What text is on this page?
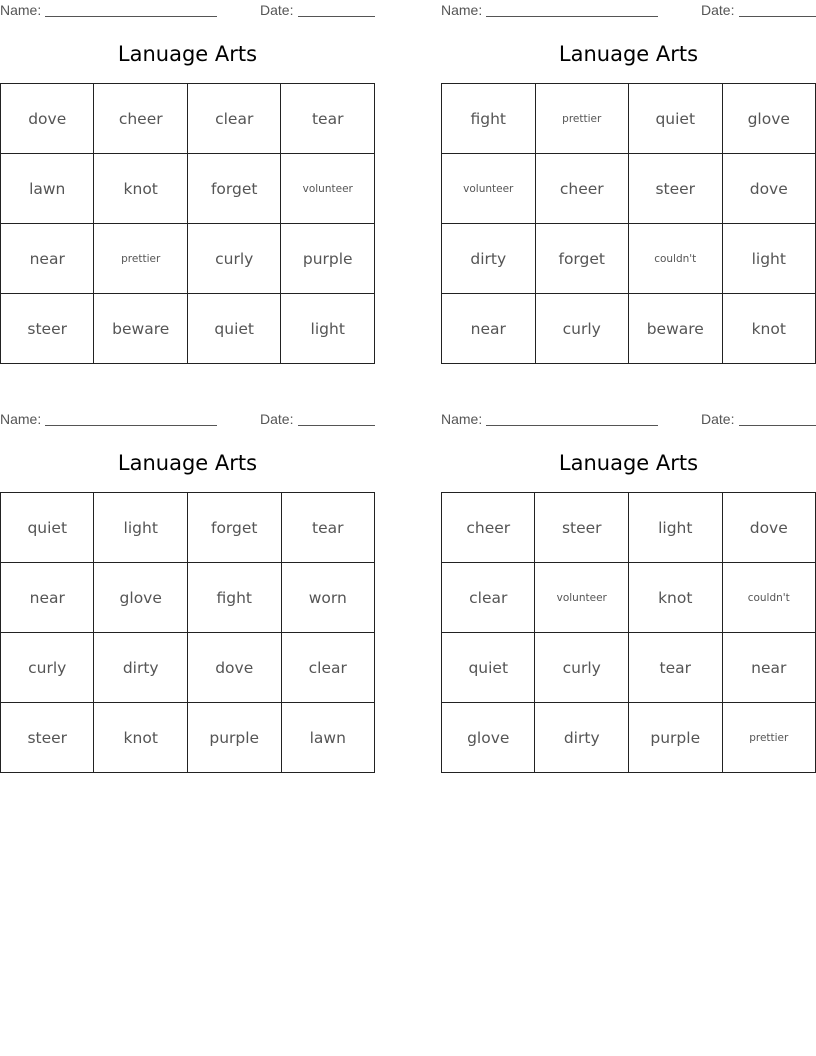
Name:	Date:
Lanuage Arts
dove	cheer	clear	tear
lawn	knot	forget	volunteer
near	prettier	curly	purple
steer	beware	quiet	light
Name:	Date:
Lanuage Arts
fight	prettier	quiet	glove
volunteer	cheer	steer	dove
dirty	forget	couldn't	light
near	curly	beware	knot
Name:	Date:
Lanuage Arts
quiet	light	forget	tear
near	glove	fight	worn
curly	dirty	dove	clear
steer	knot	purple	lawn
Name:	Date:
Lanuage Arts
cheer	steer	light	dove
clear	volunteer	knot	couldn't
quiet	curly	tear	near
glove	dirty	purple	prettier
